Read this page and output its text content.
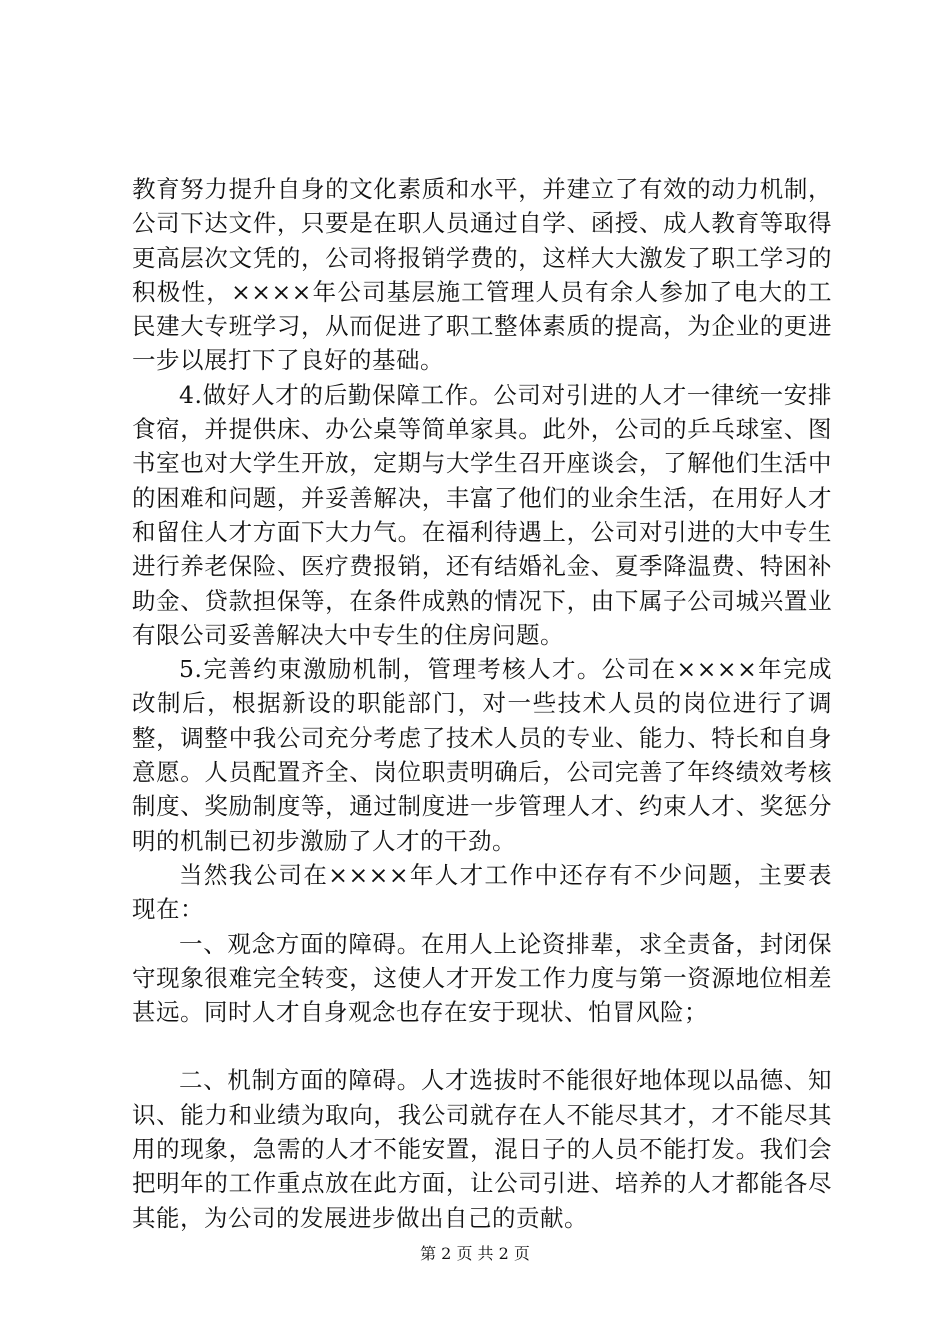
教育努力提升自身的文化素质和水平，并建立了有效的动力机制，公司下达文件，只要是在职人员通过自学、函授、成人教育等取得更高层次文凭的，公司将报销学费的，这样大大激发了职工学习的积极性，××××年公司基层施工管理人员有余人参加了电大的工民建大专班学习，从而促进了职工整体素质的提高，为企业的更进一步以展打下了良好的基础。

4.做好人才的后勤保障工作。公司对引进的人才一律统一安排食宿，并提供床、办公桌等简单家具。此外，公司的乒乓球室、图书室也对大学生开放，定期与大学生召开座谈会，了解他们生活中的困难和问题，并妥善解决，丰富了他们的业余生活，在用好人才和留住人才方面下大力气。在福利待遇上，公司对引进的大中专生进行养老保险、医疗费报销，还有结婚礼金、夏季降温费、特困补助金、贷款担保等，在条件成熟的情况下，由下属子公司城兴置业有限公司妥善解决大中专生的住房问题。

5.完善约束激励机制，管理考核人才。公司在××××年完成改制后，根据新设的职能部门，对一些技术人员的岗位进行了调整，调整中我公司充分考虑了技术人员的专业、能力、特长和自身意愿。人员配置齐全、岗位职责明确后，公司完善了年终绩效考核制度、奖励制度等，通过制度进一步管理人才、约束人才、奖惩分明的机制已初步激励了人才的干劲。

当然我公司在××××年人才工作中还存有不少问题，主要表现在：

一、观念方面的障碍。在用人上论资排辈，求全责备，封闭保守现象很难完全转变，这使人才开发工作力度与第一资源地位相差甚远。同时人才自身观念也存在安于现状、怕冒风险；

二、机制方面的障碍。人才选拔时不能很好地体现以品德、知识、能力和业绩为取向，我公司就存在人不能尽其才，才不能尽其用的现象，急需的人才不能安置，混日子的人员不能打发。我们会把明年的工作重点放在此方面，让公司引进、培养的人才都能各尽其能，为公司的发展进步做出自己的贡献。

第 2 页 共 2 页
